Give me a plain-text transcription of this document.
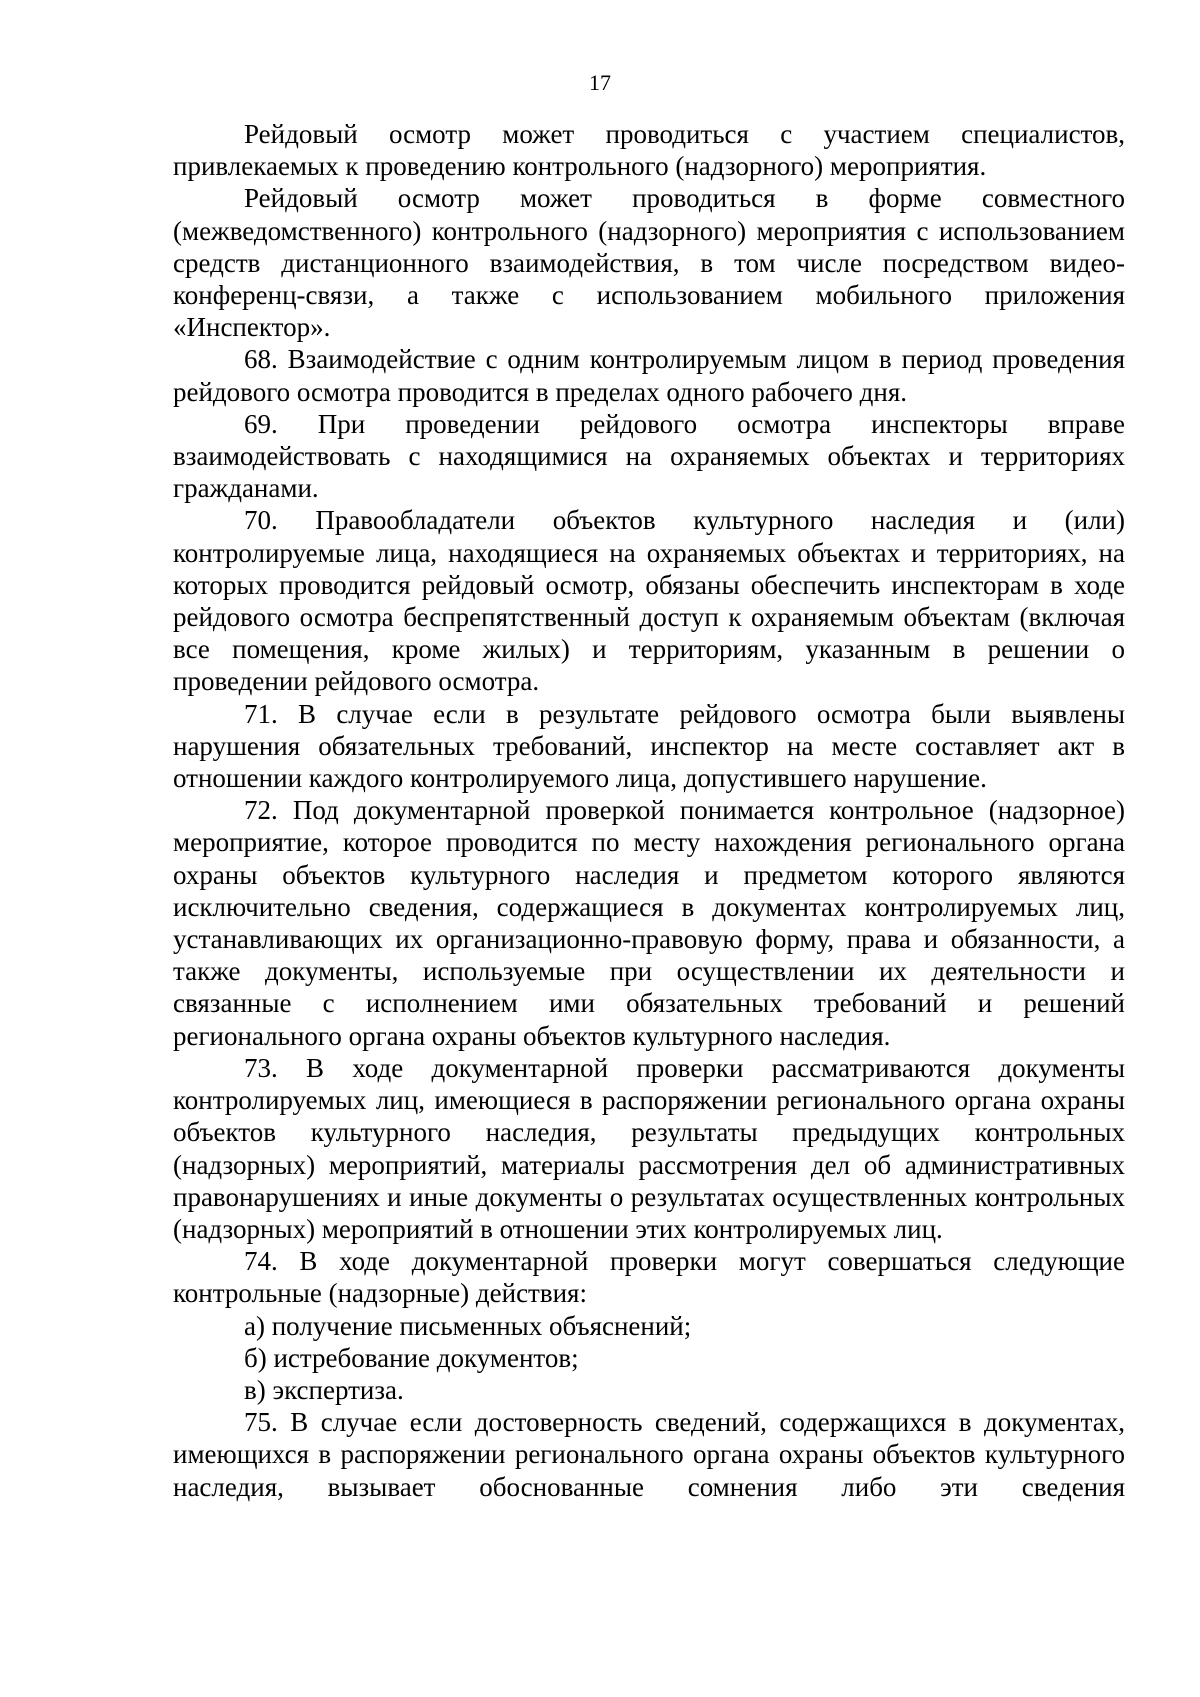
17

Рейдовый осмотр может проводиться с участием специалистов, привлекаемых к проведению контрольного (надзорного) мероприятия.

Рейдовый осмотр может проводиться в форме совместного (межведомственного) контрольного (надзорного) мероприятия с использованием средств дистанционного взаимодействия, в том числе посредством видео-конференц-связи, а также с использованием мобильного приложения «Инспектор».

68. Взаимодействие с одним контролируемым лицом в период проведения рейдового осмотра проводится в пределах одного рабочего дня.

69. При проведении рейдового осмотра инспекторы вправе взаимодействовать с находящимися на охраняемых объектах и территориях гражданами.

70. Правообладатели объектов культурного наследия и (или) контролируемые лица, находящиеся на охраняемых объектах и территориях, на которых проводится рейдовый осмотр, обязаны обеспечить инспекторам в ходе рейдового осмотра беспрепятственный доступ к охраняемым объектам (включая все помещения, кроме жилых) и территориям, указанным в решении о проведении рейдового осмотра.

71. В случае если в результате рейдового осмотра были выявлены нарушения обязательных требований, инспектор на месте составляет акт в отношении каждого контролируемого лица, допустившего нарушение.

72. Под документарной проверкой понимается контрольное (надзорное) мероприятие, которое проводится по месту нахождения регионального органа охраны объектов культурного наследия и предметом которого являются исключительно сведения, содержащиеся в документах контролируемых лиц, устанавливающих их организационно-правовую форму, права и обязанности, а также документы, используемые при осуществлении их деятельности и связанные с исполнением ими обязательных требований и решений регионального органа охраны объектов культурного наследия.

73. В ходе документарной проверки рассматриваются документы контролируемых лиц, имеющиеся в распоряжении регионального органа охраны объектов культурного наследия, результаты предыдущих контрольных (надзорных) мероприятий, материалы рассмотрения дел об административных правонарушениях и иные документы о результатах осуществленных контрольных (надзорных) мероприятий в отношении этих контролируемых лиц.

74. В ходе документарной проверки могут совершаться следующие контрольные (надзорные) действия:

а) получение письменных объяснений;

б) истребование документов;

в) экспертиза.

75. В случае если достоверность сведений, содержащихся в документах, имеющихся в распоряжении регионального органа охраны объектов культурного наследия, вызывает обоснованные сомнения либо эти сведения
